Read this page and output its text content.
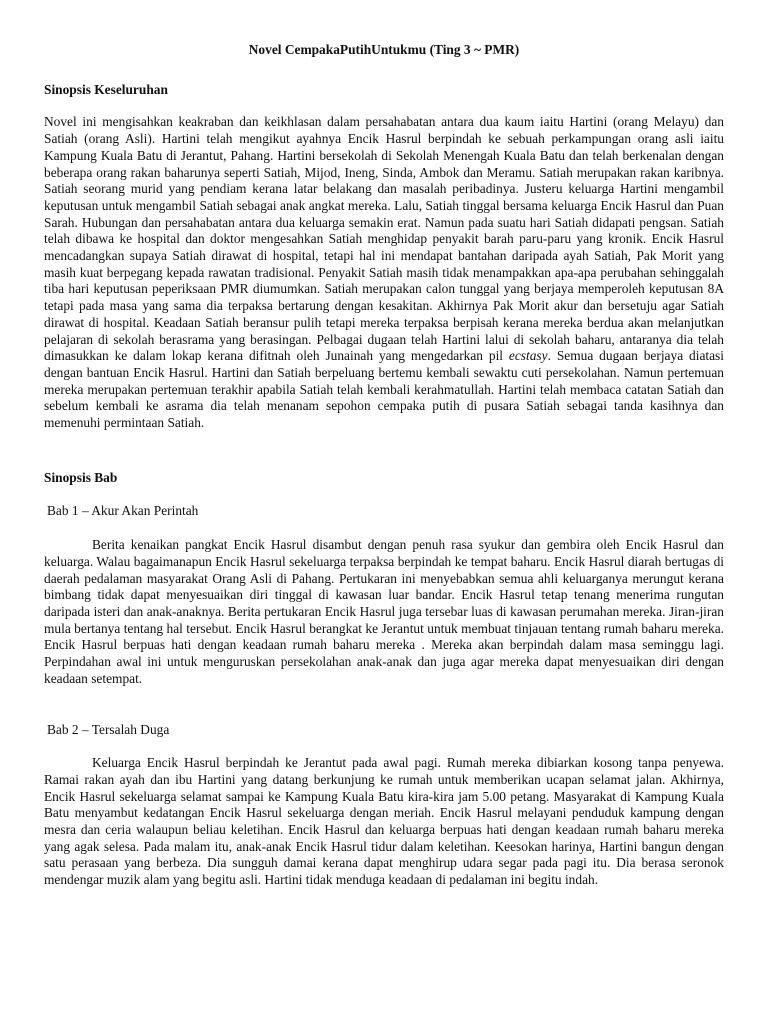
Novel CempakaPutihUntukmu (Ting 3 ~ PMR)
Sinopsis Keseluruhan

Novel ini mengisahkan keakraban dan keikhlasan dalam persahabatan antara dua kaum iaitu Hartini (orang Melayu) dan Satiah (orang Asli). Hartini telah mengikut ayahnya Encik Hasrul berpindah ke sebuah perkampungan orang asli iaitu Kampung Kuala Batu di Jerantut, Pahang. Hartini bersekolah di Sekolah Menengah Kuala Batu dan telah berkenalan dengan beberapa orang rakan baharunya seperti Satiah, Mijod, Ineng, Sinda, Ambok dan Meramu. Satiah merupakan rakan karibnya. Satiah seorang murid yang pendiam kerana latar belakang dan masalah peribadinya. Justeru keluarga Hartini mengambil keputusan untuk mengambil Satiah sebagai anak angkat mereka. Lalu, Satiah tinggal bersama keluarga Encik Hasrul dan Puan Sarah. Hubungan dan persahabatan antara dua keluarga semakin erat. Namun pada suatu hari Satiah didapati pengsan. Satiah telah dibawa ke hospital dan doktor mengesahkan Satiah menghidap penyakit barah paru-paru yang kronik. Encik Hasrul mencadangkan supaya Satiah dirawat di hospital, tetapi hal ini mendapat bantahan daripada ayah Satiah, Pak Morit yang masih kuat berpegang kepada rawatan tradisional. Penyakit Satiah masih tidak menampakkan apa-apa perubahan sehinggalah tiba hari keputusan peperiksaan PMR diumumkan. Satiah merupakan calon tunggal yang berjaya memperoleh keputusan 8A tetapi pada masa yang sama dia terpaksa bertarung dengan kesakitan. Akhirnya Pak Morit akur dan bersetuju agar Satiah dirawat di hospital. Keadaan Satiah beransur pulih tetapi mereka terpaksa berpisah kerana mereka berdua akan melanjutkan pelajaran di sekolah berasrama yang berasingan. Pelbagai dugaan telah Hartini lalui di sekolah baharu, antaranya dia telah dimasukkan ke dalam lokap kerana difitnah oleh Junainah yang mengedarkan pil ecstasy. Semua dugaan berjaya diatasi dengan bantuan Encik Hasrul. Hartini dan Satiah berpeluang bertemu kembali sewaktu cuti persekolahan. Namun pertemuan mereka merupakan pertemuan terakhir apabila Satiah telah kembali kerahmatullah. Hartini telah membaca catatan Satiah dan sebelum kembali ke asrama dia telah menanam sepohon cempaka putih di pusara Satiah sebagai tanda kasihnya dan memenuhi permintaan Satiah.

Sinopsis Bab
Bab 1 – Akur Akan Perintah

Berita kenaikan pangkat Encik Hasrul disambut dengan penuh rasa syukur dan gembira oleh Encik Hasrul dan keluarga. Walau bagaimanapun Encik Hasrul sekeluarga terpaksa berpindah ke tempat baharu. Encik Hasrul diarah bertugas di daerah pedalaman masyarakat Orang Asli di Pahang. Pertukaran ini menyebabkan semua ahli keluarganya merungut kerana bimbang tidak dapat menyesuaikan diri tinggal di kawasan luar bandar. Encik Hasrul tetap tenang menerima rungutan daripada isteri dan anak-anaknya. Berita pertukaran Encik Hasrul juga tersebar luas di kawasan perumahan mereka. Jiran-jiran mula bertanya tentang hal tersebut. Encik Hasrul berangkat ke Jerantut untuk membuat tinjauan tentang rumah baharu mereka. Encik Hasrul berpuas hati dengan keadaan rumah baharu mereka . Mereka akan berpindah dalam masa seminggu lagi. Perpindahan awal ini untuk menguruskan persekolahan anak-anak dan juga agar mereka dapat menyesuaikan diri dengan keadaan setempat.

Bab 2 – Tersalah Duga

Keluarga Encik Hasrul berpindah ke Jerantut pada awal pagi. Rumah mereka dibiarkan kosong tanpa penyewa. Ramai rakan ayah dan ibu Hartini yang datang berkunjung ke rumah untuk memberikan ucapan selamat jalan. Akhirnya, Encik Hasrul sekeluarga selamat sampai ke Kampung Kuala Batu kira-kira jam 5.00 petang. Masyarakat di Kampung Kuala Batu menyambut kedatangan Encik Hasrul sekeluarga dengan meriah. Encik Hasrul melayani penduduk kampung dengan mesra dan ceria walaupun beliau keletihan. Encik Hasrul dan keluarga berpuas hati dengan keadaan rumah baharu mereka yang agak selesa. Pada malam itu, anak-anak Encik Hasrul tidur dalam keletihan. Keesokan harinya, Hartini bangun dengan satu perasaan yang berbeza. Dia sungguh damai kerana dapat menghirup udara segar pada pagi itu. Dia berasa seronok mendengar muzik alam yang begitu asli. Hartini tidak menduga keadaan di pedalaman ini begitu indah.
